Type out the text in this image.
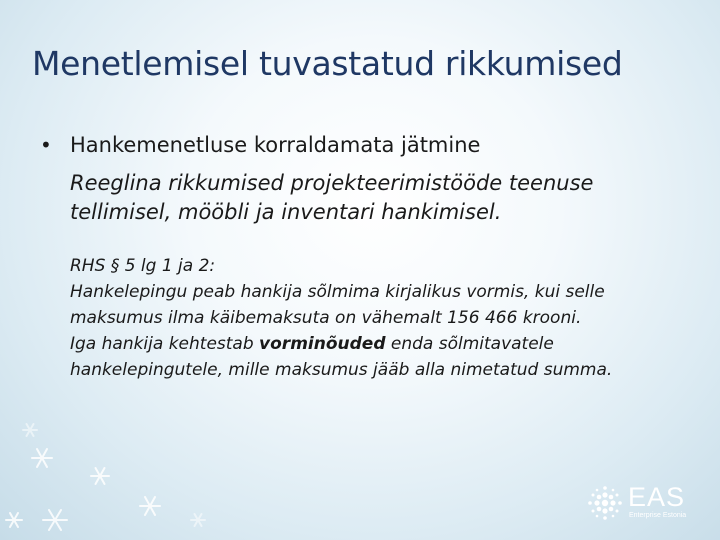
Menetlemisel tuvastatud rikkumised
• Hankemenetluse korraldamata jätmine
Reeglina rikkumised projekteerimistööde teenuse tellimisel, mööbli ja inventari hankimisel.
RHS § 5 lg 1 ja 2:
Hankelepingu peab hankija sõlmima kirjalikus vormis, kui selle maksumus ilma käibemaksuta on vähemalt 156 466 krooni.
Iga hankija kehtestab vorminõuded enda sõlmitavatele hankelepingutele, mille maksumus jääb alla nimetatud summa.
EAS
Enterprise Estonia
